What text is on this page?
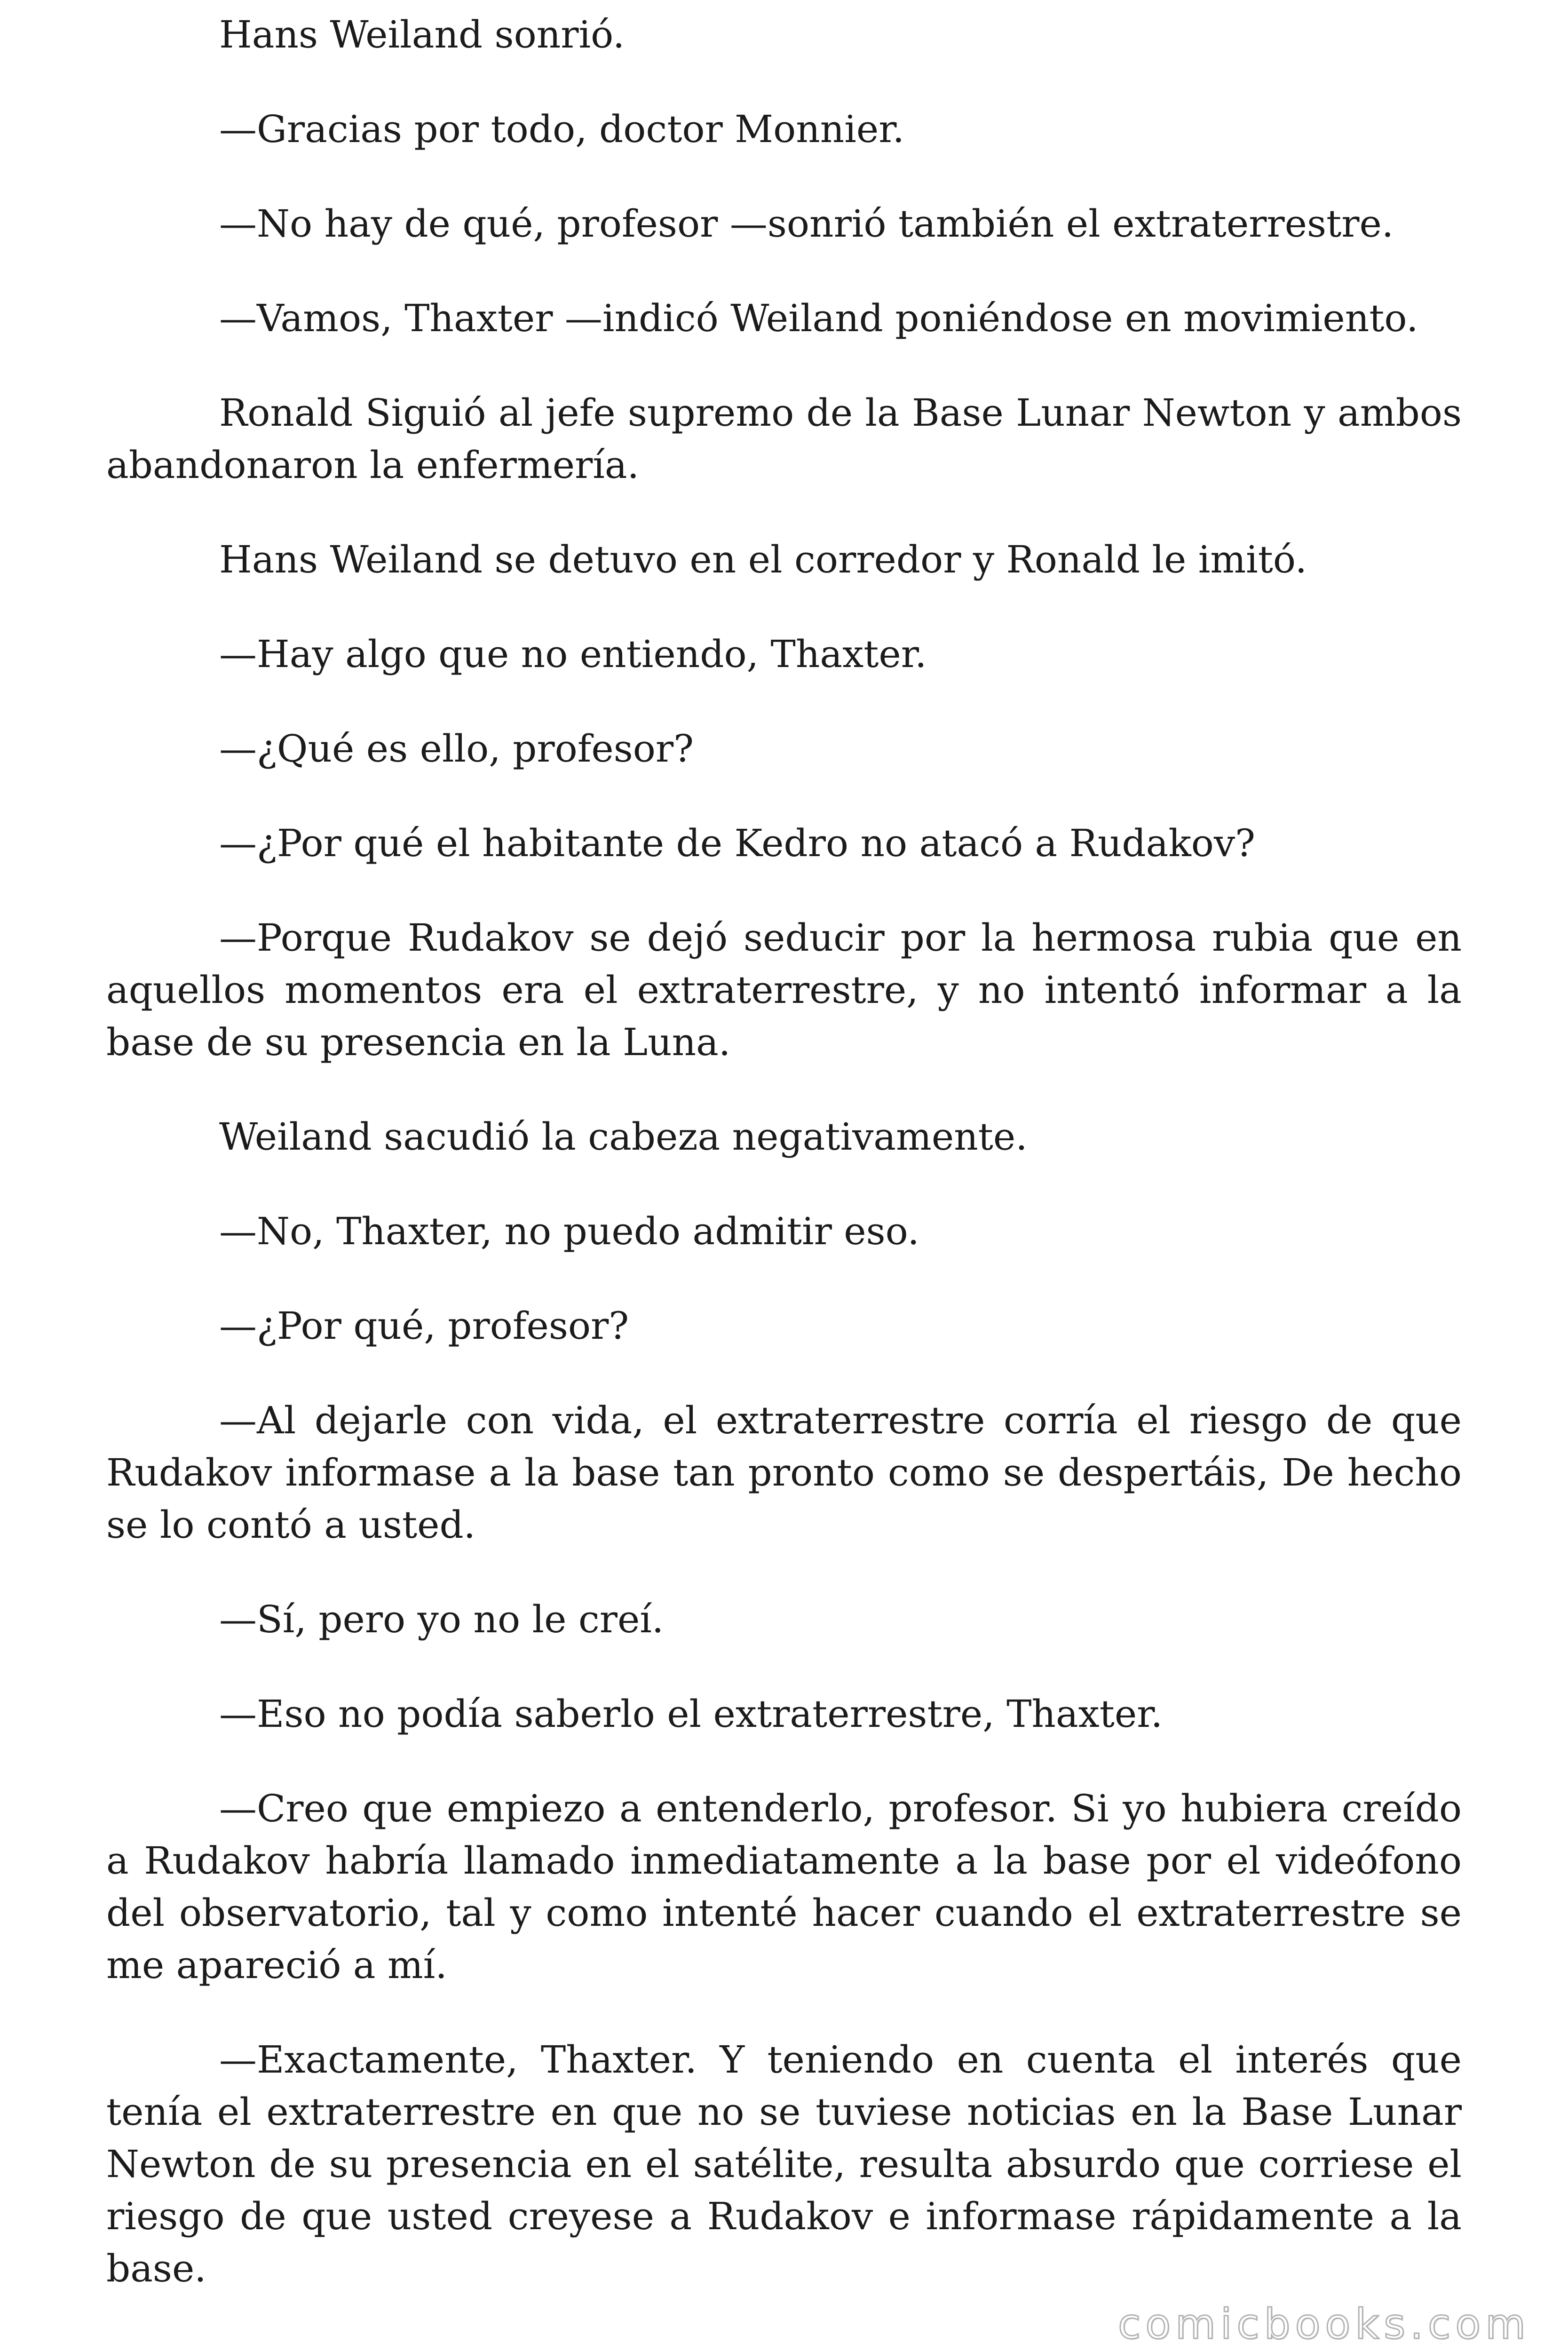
Hans Weiland sonrió.

—Gracias por todo, doctor Monnier.

—No hay de qué, profesor —sonrió también el extraterrestre.

—Vamos, Thaxter —indicó Weiland poniéndose en movimiento.

Ronald Siguió al jefe supremo de la Base Lunar Newton y ambos abandonaron la enfermería.

Hans Weiland se detuvo en el corredor y Ronald le imitó.

—Hay algo que no entiendo, Thaxter.

—¿Qué es ello, profesor?

—¿Por qué el habitante de Kedro no atacó a Rudakov?

—Porque Rudakov se dejó seducir por la hermosa rubia que en aquellos momentos era el extraterrestre, y no intentó informar a la base de su presencia en la Luna.

Weiland sacudió la cabeza negativamente.

—No, Thaxter, no puedo admitir eso.

—¿Por qué, profesor?

—Al dejarle con vida, el extraterrestre corría el riesgo de que Rudakov informase a la base tan pronto como se despertáis, De hecho se lo contó a usted.

—Sí, pero yo no le creí.

—Eso no podía saberlo el extraterrestre, Thaxter.

—Creo que empiezo a entenderlo, profesor. Si yo hubiera creído a Rudakov habría llamado inmediatamente a la base por el videófono del observatorio, tal y como intenté hacer cuando el extraterrestre se me apareció a mí.

—Exactamente, Thaxter. Y teniendo en cuenta el interés que tenía el extraterrestre en que no se tuviese noticias en la Base Lunar Newton de su presencia en el satélite, resulta absurdo que corriese el riesgo de que usted creyese a Rudakov e informase rápidamente a la base.

comicbooks.com
